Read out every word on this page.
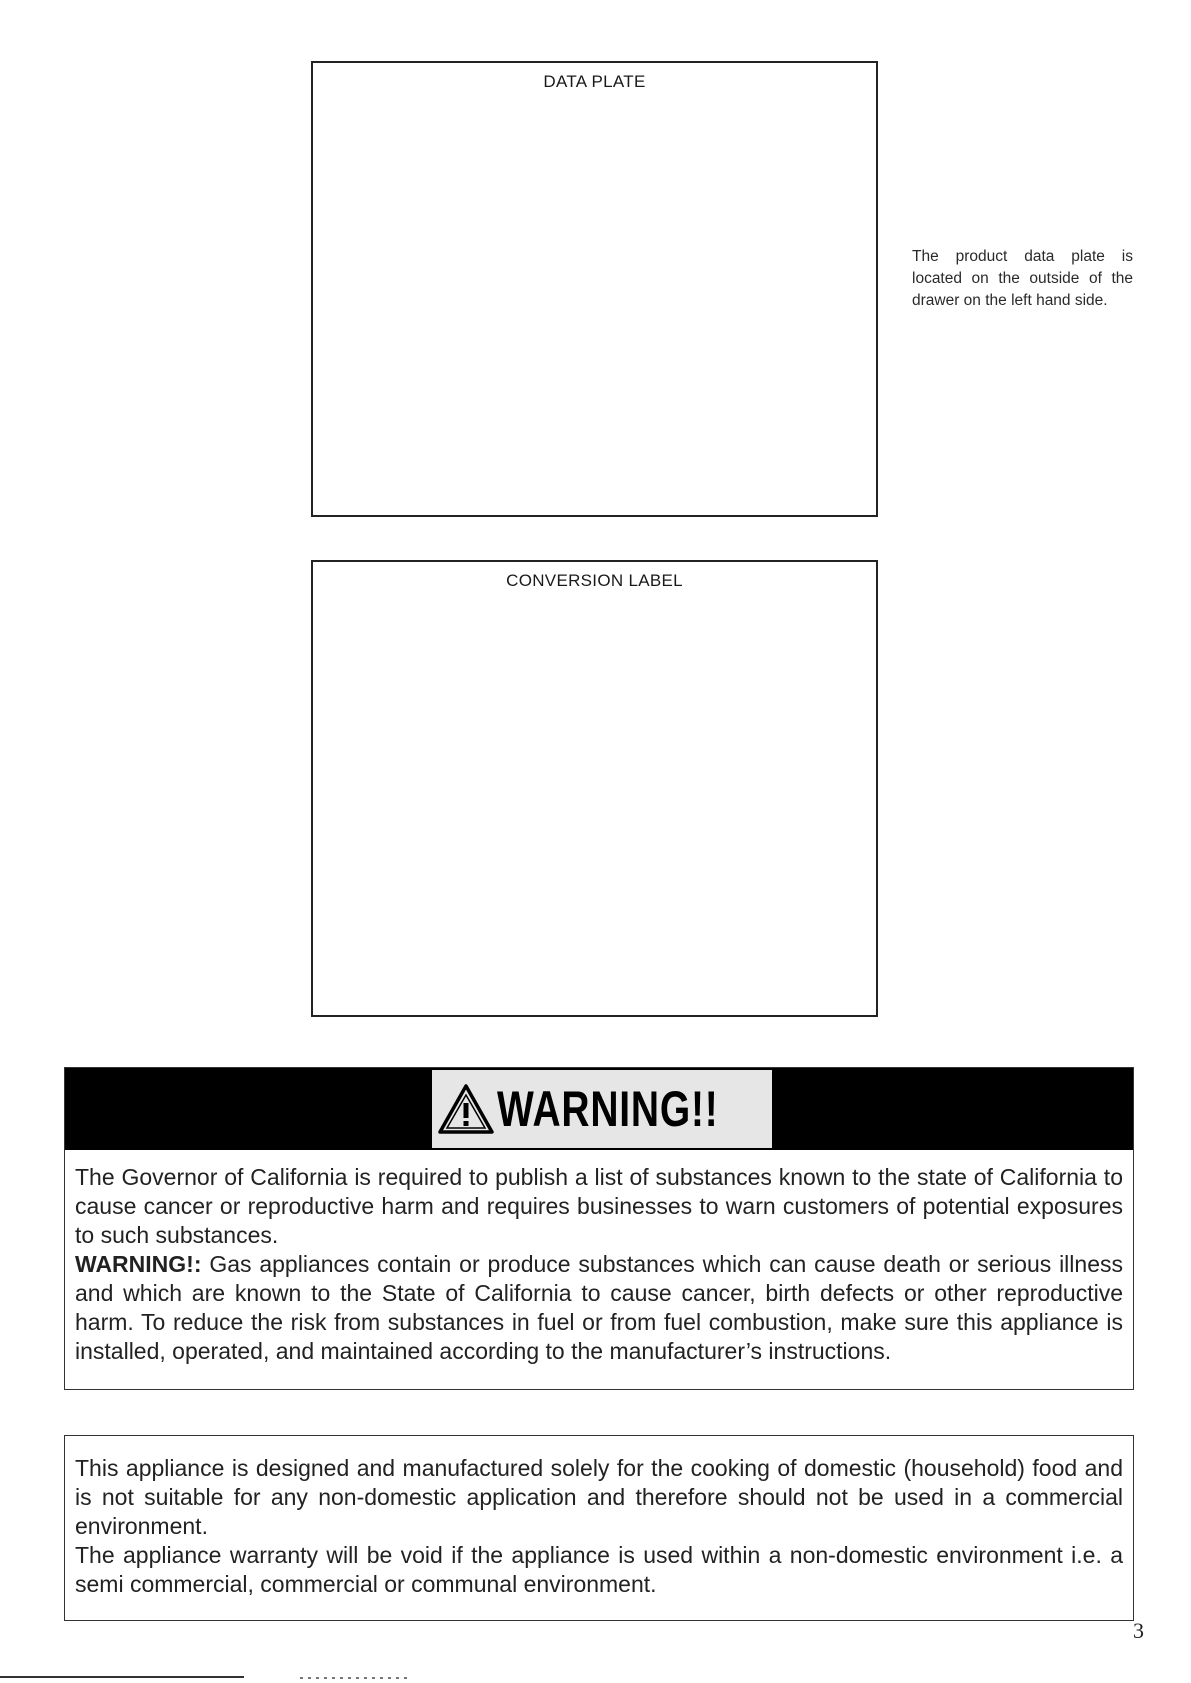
DATA PLATE
The product data plate is located on the outside of the drawer on the left hand side.
CONVERSION LABEL
WARNING!!

The Governor of California is required to publish a list of substances known to the state of California to cause cancer or reproductive harm and requires businesses to warn customers of potential exposures to such substances.

WARNING!: Gas appliances contain or produce substances which can cause death or serious illness and which are known to the State of California to cause cancer, birth defects or other reproductive harm. To reduce the risk from substances in fuel or from fuel combustion, make sure this appliance is installed, operated, and maintained according to the manufacturer’s instructions.

This appliance is designed and manufactured solely for the cooking of domestic (household) food and is not suitable for any non-domestic application and therefore should not be used in a commercial environment.

The appliance warranty will be void if the appliance is used within a non-domestic environment i.e. a semi commercial, commercial or communal environment.

3
